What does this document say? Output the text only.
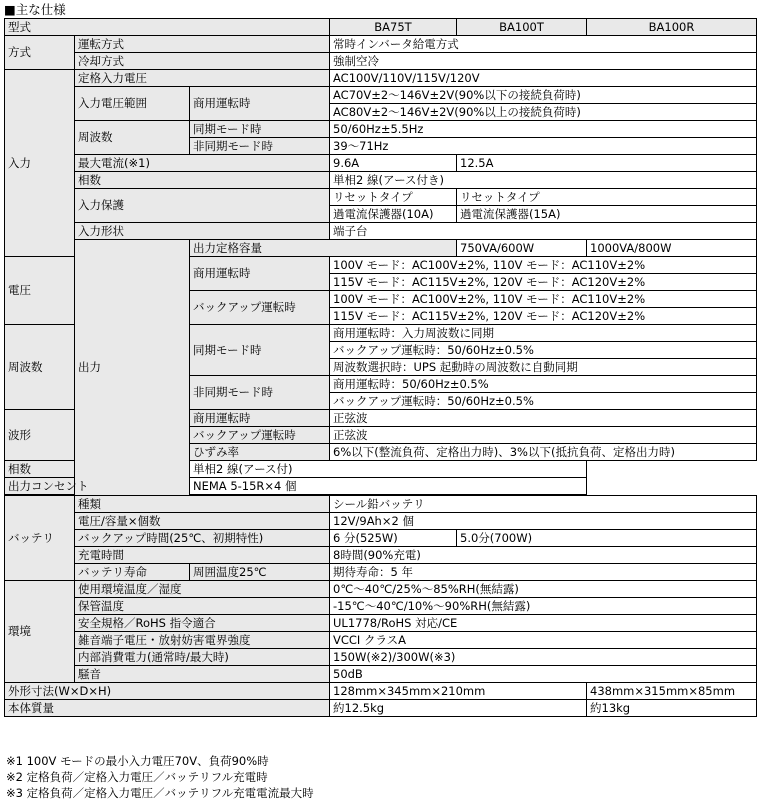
■主な仕様
型式			BA75T	BA100T	BA100R
方式	運転方式		常時インバータ給電方式		
	冷却方式		強制空冷		
入力	定格入力電圧		AC100V/110V/115V/120V		
	入力電圧範囲	商用運転時	AC70V±2～146V±2V(90%以下の接続負荷時)		
			AC80V±2～146V±2V(90%以上の接続負荷時)		
	周波数	同期モード時	50/60Hz±5.5Hz		
		非同期モード時	39～71Hz		
	最大電流(※1)		9.6A	12.5A	
	相数		単相2 線(アース付き)		
	入力保護		リセットタイプ	リセットタイプ	
			過電流保護器(10A)	過電流保護器(15A)	
	入力形状		端子台		
	出力	出力定格容量		750VA/600W	1000VA/800W
電圧		商用運転時	100V モード：AC100V±2%, 110V モード：AC110V±2%		
			115V モード：AC115V±2%, 120V モード：AC120V±2%		
		バックアップ運転時	100V モード：AC100V±2%, 110V モード：AC110V±2%		
			115V モード：AC115V±2%, 120V モード：AC120V±2%		
周波数		同期モード時	商用運転時：入力周波数に同期		
			バックアップ運転時：50/60Hz±0.5%		
			周波数選択時：UPS 起動時の周波数に自動同期		
		非同期モード時	商用運転時：50/60Hz±0.5%		
			バックアップ運転時：50/60Hz±0.5%		
波形		商用運転時	正弦波		
		バックアップ運転時	正弦波		
		ひずみ率	6%以下(整流負荷、定格出力時)、3%以下(抵抗負荷、定格出力時)		
相数		単相2 線(アース付)			
出力コンセント		NEMA 5-15R×4 個			

バッテリ	種類		シール鉛バッテリ		
	電圧/容量×個数		12V/9Ah×2 個		
	バックアップ時間(25℃、初期特性)		6 分(525W)	5.0分(700W)	
	充電時間		8時間(90%充電)		
	バッテリ寿命	周囲温度25℃	期待寿命：5 年		
環境	使用環境温度／湿度		0℃～40℃/25%～85%RH(無結露)		
	保管温度		-15℃～40℃/10%～90%RH(無結露)		
	安全規格／RoHS 指令適合		UL1778/RoHS 対応/CE		
	雑音端子電圧・放射妨害電界強度		VCCI クラスA		
	内部消費電力(通常時/最大時)		150W(※2)/300W(※3)		
	騒音		50dB		
外形寸法(W×D×H)			128mm×345mm×210mm		438mm×315mm×85mm
本体質量			約12.5kg		約13kg
※1 100V モードの最小入力電圧70V、負荷90%時
※2 定格負荷／定格入力電圧／バッテリフル充電時
※3 定格負荷／定格入力電圧／バッテリフル充電電流最大時
